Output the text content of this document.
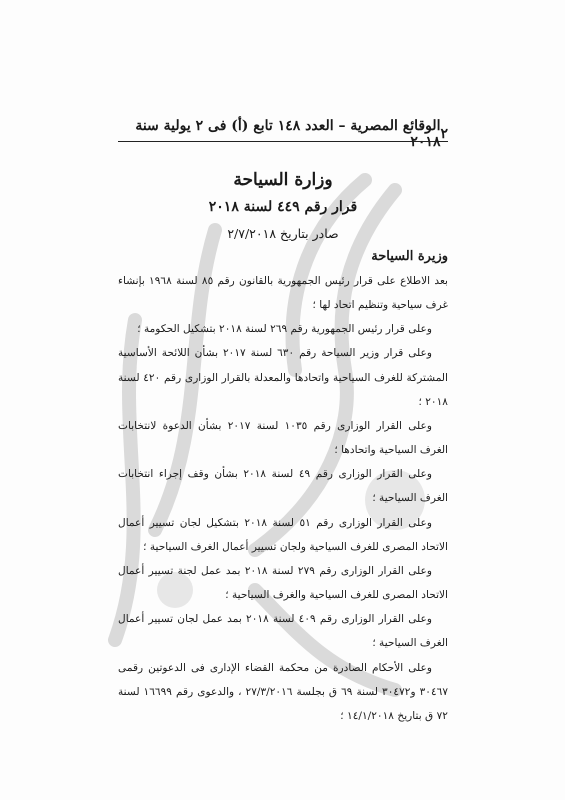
٢
الوقائع المصرية – العدد ١٤٨ تابع (أ) فى ٢ يولية سنة ٢٠١٨
وزارة السياحة
قرار رقم ٤٤٩ لسنة ٢٠١٨
صادر بتاريخ ٢/٧/٢٠١٨
وزيرة السياحة

بعد الاطلاع على قرار رئيس الجمهورية بالقانون رقم ٨٥ لسنة ١٩٦٨ بإنشاء غرف سياحية وتنظيم اتحاد لها ؛

وعلى قرار رئيس الجمهورية رقم ٢٦٩ لسنة ٢٠١٨ بتشكيل الحكومة ؛

وعلى قرار وزير السياحة رقم ٦٣٠ لسنة ٢٠١٧ بشأن اللائحة الأساسية المشتركة للغرف السياحية واتحادها والمعدلة بالقرار الوزارى رقم ٤٢٠ لسنة ٢٠١٨ ؛

وعلى القرار الوزارى رقم ١٠٣٥ لسنة ٢٠١٧ بشأن الدعوة لانتخابات الغرف السياحية واتحادها ؛

وعلى القرار الوزارى رقم ٤٩ لسنة ٢٠١٨ بشأن وقف إجراء انتخابات الغرف السياحية ؛

وعلى القرار الوزارى رقم ٥١ لسنة ٢٠١٨ بتشكيل لجان تسيير أعمال الاتحاد المصرى للغرف السياحية ولجان تسيير أعمال الغرف السياحية ؛

وعلى القرار الوزارى رقم ٢٧٩ لسنة ٢٠١٨ بمد عمل لجنة تسيير أعمال الاتحاد المصرى للغرف السياحية والغرف السياحية ؛

وعلى القرار الوزارى رقم ٤٠٩ لسنة ٢٠١٨ بمد عمل لجان تسيير أعمال الغرف السياحية ؛

وعلى الأحكام الصادرة من محكمة القضاء الإدارى فى الدعوتين رقمى ٣٠٤٦٧ و٣٠٤٧٢ لسنة ٦٩ ق بجلسة ٢٧/٣/٢٠١٦ ، والدعوى رقم ١٦٦٩٩ لسنة ٧٢ ق بتاريخ ١٤/١/٢٠١٨ ؛
